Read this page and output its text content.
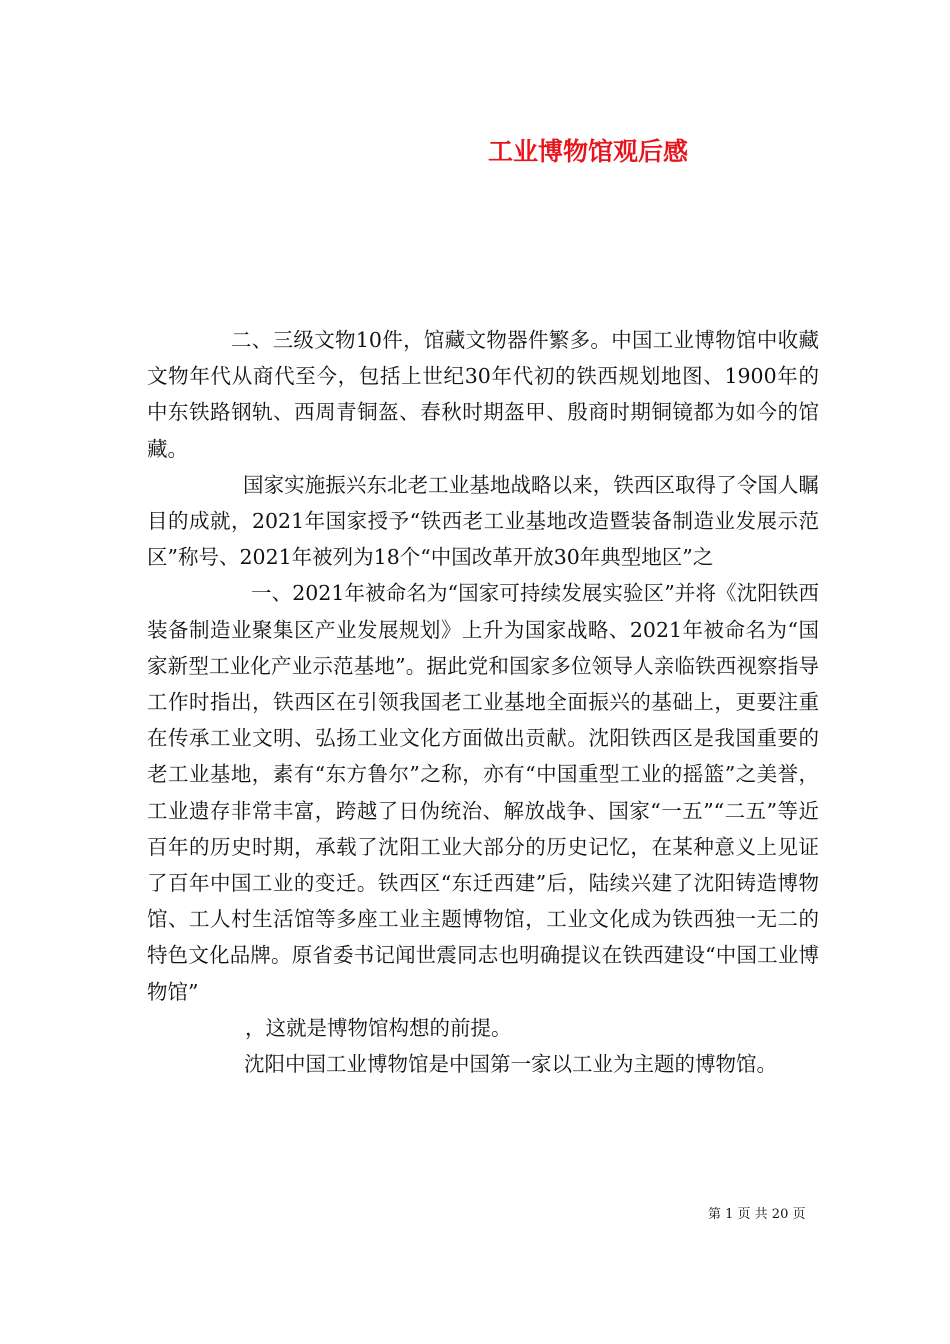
工业博物馆观后感

二、三级文物10件，馆藏文物器件繁多。中国工业博物馆中收藏文物年代从商代至今，包括上世纪30年代初的铁西规划地图、1900年的中东铁路钢轨、西周青铜盔、春秋时期盔甲、殷商时期铜镜都为如今的馆藏。

国家实施振兴东北老工业基地战略以来，铁西区取得了令国人瞩目的成就，2021年国家授予“铁西老工业基地改造暨装备制造业发展示范区”称号、2021年被列为18个“中国改革开放30年典型地区”之

一、2021年被命名为“国家可持续发展实验区”并将《沈阳铁西装备制造业聚集区产业发展规划》上升为国家战略、2021年被命名为“国家新型工业化产业示范基地”。据此党和国家多位领导人亲临铁西视察指导工作时指出，铁西区在引领我国老工业基地全面振兴的基础上，更要注重在传承工业文明、弘扬工业文化方面做出贡献。沈阳铁西区是我国重要的老工业基地，素有“东方鲁尔”之称，亦有“中国重型工业的摇篮”之美誉，工业遗存非常丰富，跨越了日伪统治、解放战争、国家“一五”“二五”等近百年的历史时期，承载了沈阳工业大部分的历史记忆，在某种意义上见证了百年中国工业的变迁。铁西区“东迁西建”后，陆续兴建了沈阳铸造博物馆、工人村生活馆等多座工业主题博物馆，工业文化成为铁西独一无二的特色文化品牌。原省委书记闻世震同志也明确提议在铁西建设“中国工业博物馆”

，这就是博物馆构想的前提。

沈阳中国工业博物馆是中国第一家以工业为主题的博物馆。

第 1 页 共 20 页
